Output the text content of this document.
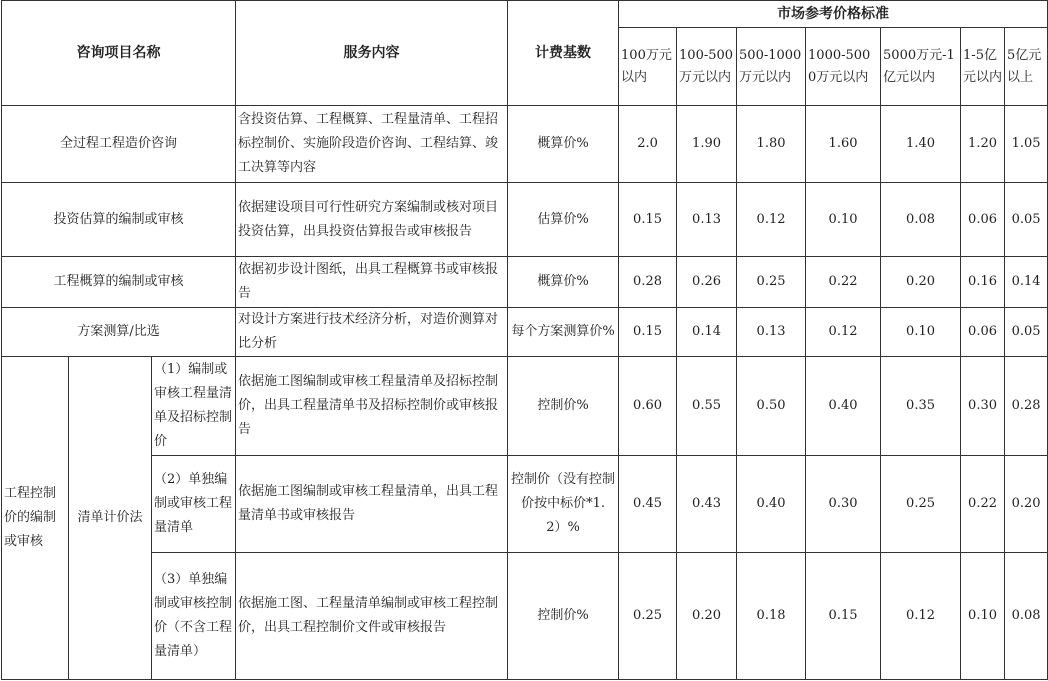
咨询项目名称			服务内容	计费基数	市场参考价格标准						
					100万元以内	100-500万元以内	500-1000万元以内	1000-5000万元以内	5000万元-1亿元以内	1-5亿元以内	5亿元以上
全过程工程造价咨询			含投资估算、工程概算、工程量清单、工程招标控制价、实施阶段造价咨询、工程结算、竣工决算等内容	概算价%	2.0	1.90	1.80	1.60	1.40	1.20	1.05
投资估算的编制或审核			依据建设项目可行性研究方案编制或核对项目投资估算，出具投资估算报告或审核报告	估算价%	0.15	0.13	0.12	0.10	0.08	0.06	0.05
工程概算的编制或审核			依据初步设计图纸，出具工程概算书或审核报告	概算价%	0.28	0.26	0.25	0.22	0.20	0.16	0.14
方案测算/比选			对设计方案进行技术经济分析，对造价测算对比分析	每个方案测算价%	0.15	0.14	0.13	0.12	0.10	0.06	0.05
工程控制价的编制或审核	清单计价法	（1）编制或审核工程量清单及招标控制价	依据施工图编制或审核工程量清单及招标控制价，出具工程量清单书及招标控制价或审核报告	控制价%	0.60	0.55	0.50	0.40	0.35	0.30	0.28
		（2）单独编制或审核工程量清单	依据施工图编制或审核工程量清单，出具工程量清单书或审核报告	控制价（没有控制价按中标价*1.2）%	0.45	0.43	0.40	0.30	0.25	0.22	0.20
		（3）单独编制或审核控制价（不含工程量清单）	依据施工图、工程量清单编制或审核工程控制价，出具工程控制价文件或审核报告	控制价%	0.25	0.20	0.18	0.15	0.12	0.10	0.08
